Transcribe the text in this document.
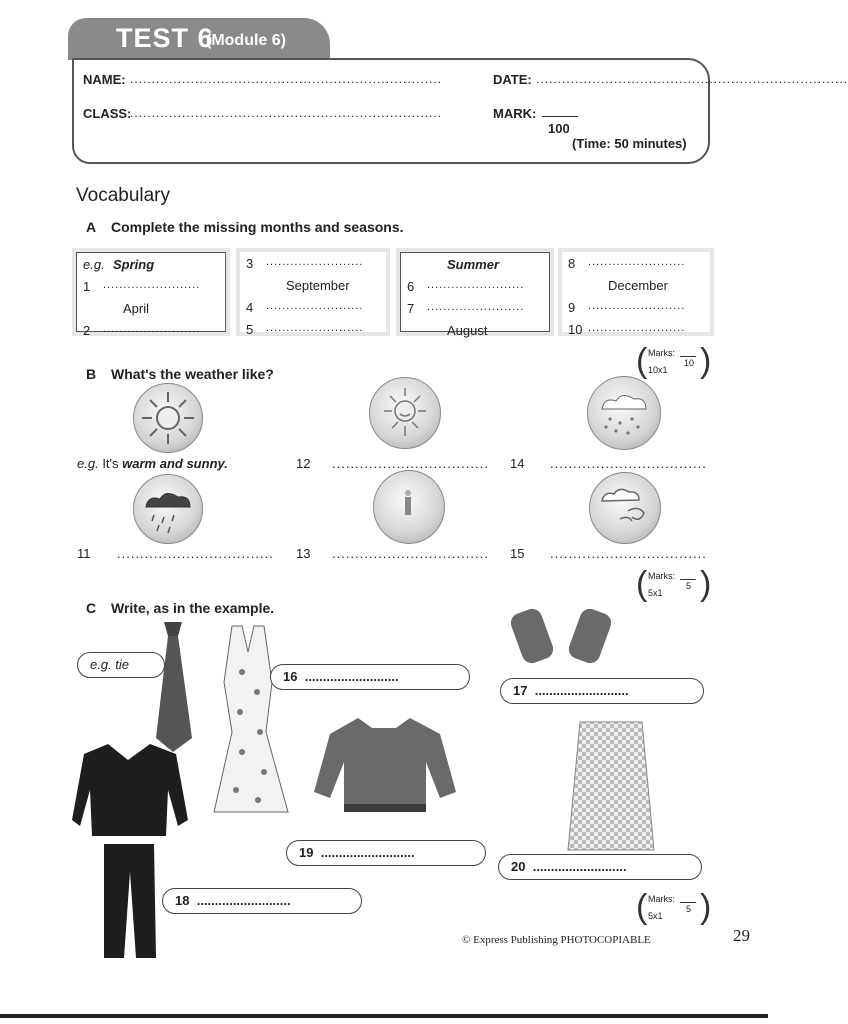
TEST 6
(Module 6)
NAME: ........................................................................	DATE: ........................................................................
CLASS:
........................................................................	MARK:
100
(Time: 50 minutes)
Vocabulary
A Complete the missing months and seasons.
e.g. Spring
1 ........................
April
2 ........................
3 ........................
September
4 ........................
5 ........................
Summer
6 ........................
7 ........................
August
8 ........................
December
9 ........................
10 ........................
( Marks:
10x1
10 )
B What's the weather like?
e.g. It's warm and sunny.	12 .................................. 14 ..................................
11 .................................. 13 .................................. 15 ..................................
( Marks:
5x1
5 )
C Write, as in the example.
e.g. tie
16 ..........................
17 ..........................
18 ..........................
19 ..........................
20 ..........................
( Marks:
5x1
5 )
© Express Publishing PHOTOCOPIABLE	29
